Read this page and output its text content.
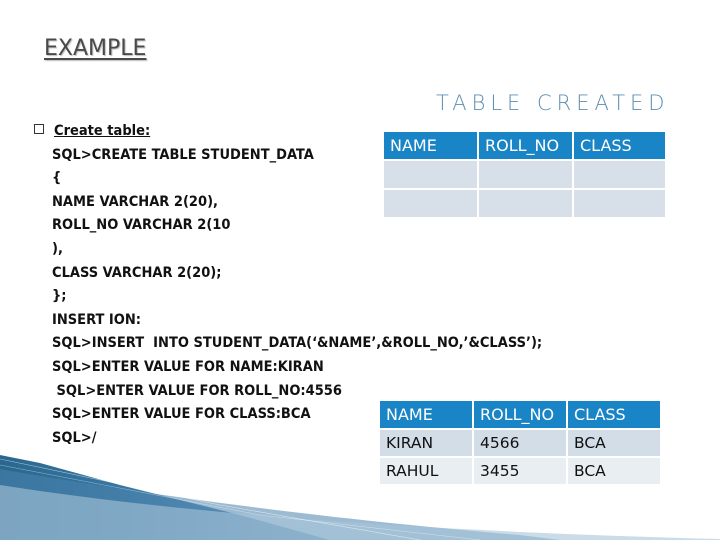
EXAMPLE
TABLE CREATED
Create table:
SQL>CREATE TABLE STUDENT_DATA
{
NAME VARCHAR 2(20),
ROLL_NO VARCHAR 2(10
),
CLASS VARCHAR 2(20);
};
INSERT ION:
SQL>INSERT  INTO STUDENT_DATA(‘&NAME’,&ROLL_NO,’&CLASS’);
SQL>ENTER VALUE FOR NAME:KIRAN
SQL>ENTER VALUE FOR ROLL_NO:4556
SQL>ENTER VALUE FOR CLASS:BCA
SQL>/
NAME	ROLL_NO	CLASS

NAME	ROLL_NO	CLASS
KIRAN	4566	BCA
RAHUL	3455	BCA
